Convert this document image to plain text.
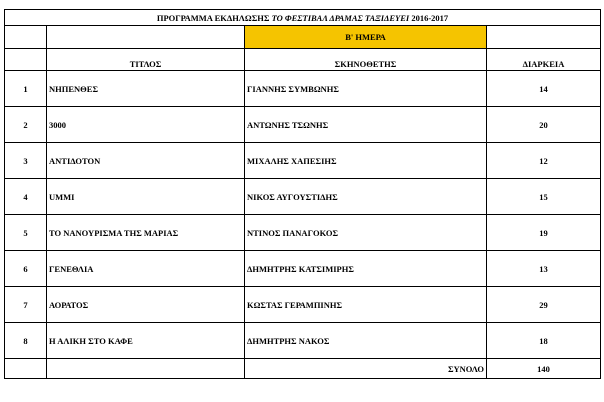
ΠΡΟΓΡΑΜΜΑ ΕΚΔΗΛΩΣΗΣ ΤΟ ΦΕΣΤΙΒΑΛ ΔΡΑΜΑΣ ΤΑΞΙΔΕΥΕΙ 2016-2017			
		Β' ΗΜΕΡΑ	
	ΤΙΤΛΟΣ	ΣΚΗΝΟΘΕΤΗΣ	ΔΙΑΡΚΕΙΑ
1	ΝΗΠΕΝΘΕΣ	ΓΙΑΝΝΗΣ ΣΥΜΒΩΝΗΣ	14
2	3000	ΑΝΤΩΝΗΣ ΤΣΩΝΗΣ	20
3	ΑΝΤΙΔΟΤΟΝ	ΜΙΧΑΛΗΣ ΧΑΠΕΣΙΗΣ	12
4	UMMI	ΝΙΚΟΣ ΑΥΓΟΥΣΤΙΔΗΣ	15
5	ΤΟ ΝΑΝΟΥΡΙΣΜΑ ΤΗΣ ΜΑΡΙΑΣ	ΝΤΙΝΟΣ ΠΑΝΑΓΟΚΟΣ	19
6	ΓΕΝΕΘΛΙΑ	ΔΗΜΗΤΡΗΣ ΚΑΤΣΙΜΙΡΗΣ	13
7	ΑΟΡΑΤΟΣ	ΚΩΣΤΑΣ ΓΕΡΑΜΠΙΝΗΣ	29
8	Η ΑΛΙΚΗ ΣΤΟ ΚΑΦΕ	ΔΗΜΗΤΡΗΣ ΝΑΚΟΣ	18
		ΣΥΝΟΛΟ	140
